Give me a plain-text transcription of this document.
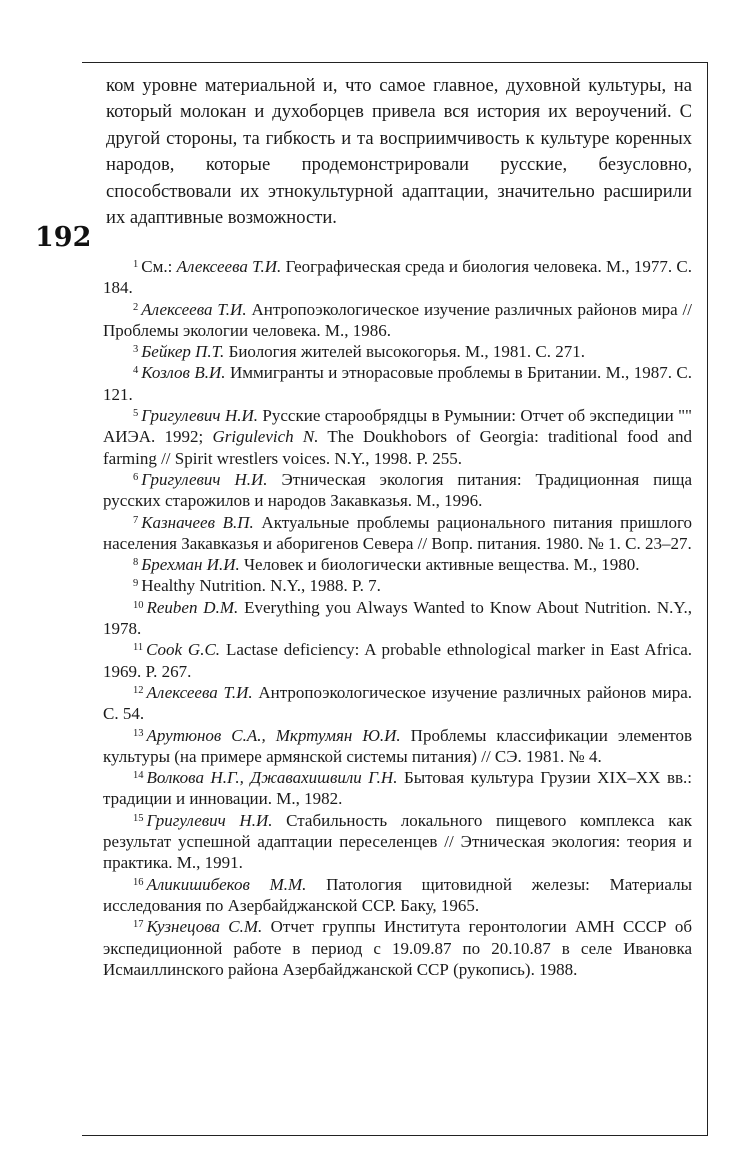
192

ком уровне материальной и, что самое главное, духовной культуры, на который молокан и духоборцев привела вся история их вероучений. С другой стороны, та гибкость и та восприимчивость к культуре коренных народов, которые продемонстрировали русские, безусловно, способствовали их этнокультурной адаптации, значительно расширили их адаптивные возможности.

$^1$ См.: Алексеева Т.И. Географическая среда и биология человека. М., 1977. С. 184.

$^2$ Алексеева Т.И. Антропоэкологическое изучение различных районов мира // Проблемы экологии человека. М., 1986.

$^3$ Бейкер П.Т. Биология жителей высокогорья. М., 1981. С. 271.

$^4$ Козлов В.И. Иммигранты и этнорасовые проблемы в Британии. М., 1987. С. 121.

$^5$ Григулевич Н.И. Русские старообрядцы в Румынии: Отчет об экспедиции "" АИЭА. 1992; Grigulevich N. The Doukhobors of Georgia: traditional food and farming // Spirit wrestlers voices. N.Y., 1998. P. 255.

$^6$ Григулевич Н.И. Этническая экология питания: Традиционная пища русских старожилов и народов Закавказья. М., 1996.

$^7$ Казначеев В.П. Актуальные проблемы рационального питания пришлого населения Закавказья и аборигенов Севера // Вопр. питания. 1980. № 1. С. 23–27.

$^8$ Брехман И.И. Человек и биологически активные вещества. М., 1980.

$^9$ Healthy Nutrition. N.Y., 1988. P. 7.

$^{10}$ Reuben D.M. Everything you Always Wanted to Know About Nutrition. N.Y., 1978.

$^{11}$ Cook G.C. Lactase deficiency: A probable ethnological marker in East Africa. 1969. P. 267.

$^{12}$ Алексеева Т.И. Антропоэкологическое изучение различных районов мира. С. 54.

$^{13}$ Арутюнов С.А., Мкртумян Ю.И. Проблемы классификации элементов культуры (на примере армянской системы питания) // СЭ. 1981. № 4.

$^{14}$ Волкова Н.Г., Джавахишвили Г.Н. Бытовая культура Грузии XIX–XX вв.: традиции и инновации. М., 1982.

$^{15}$ Григулевич Н.И. Стабильность локального пищевого комплекса как результат успешной адаптации переселенцев // Этническая экология: теория и практика. М., 1991.

$^{16}$ Аликишибеков М.М. Патология щитовидной железы: Материалы исследования по Азербайджанской ССР. Баку, 1965.

$^{17}$ Кузнецова С.М. Отчет группы Института геронтологии АМН СССР об экспедиционной работе в период с 19.09.87 по 20.10.87 в селе Ивановка Исмаиллинского района Азербайджанской ССР (рукопись). 1988.
